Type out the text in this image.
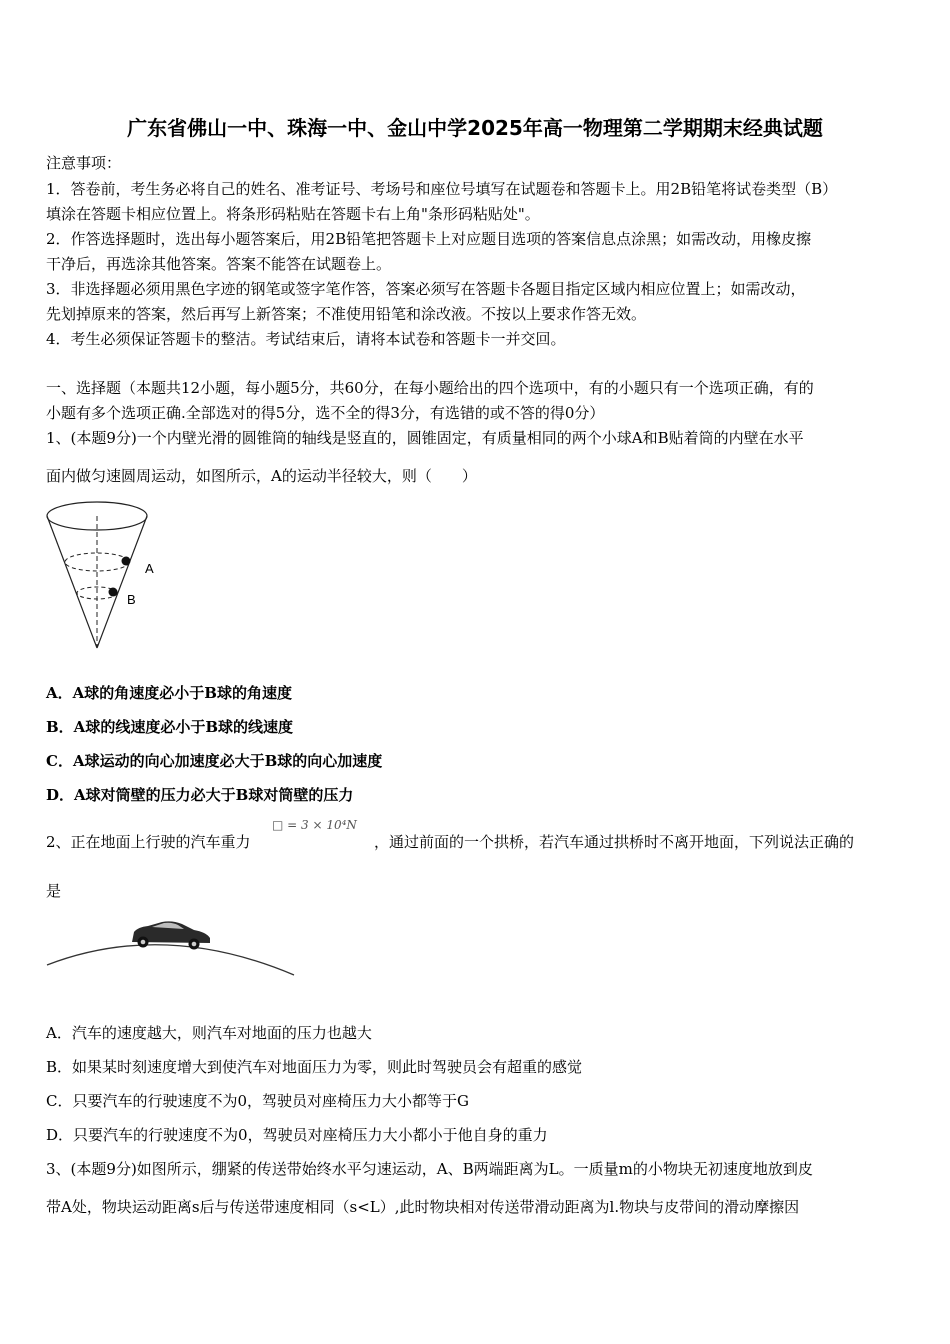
广东省佛山一中、珠海一中、金山中学2025年高一物理第二学期期末经典试题
注意事项：
1．答卷前，考生务必将自己的姓名、准考证号、考场号和座位号填写在试题卷和答题卡上。用2B铅笔将试卷类型（B）
填涂在答题卡相应位置上。将条形码粘贴在答题卡右上角"条形码粘贴处"。
2．作答选择题时，选出每小题答案后，用2B铅笔把答题卡上对应题目选项的答案信息点涂黑；如需改动，用橡皮擦
干净后，再选涂其他答案。答案不能答在试题卷上。
3．非选择题必须用黑色字迹的钢笔或签字笔作答，答案必须写在答题卡各题目指定区域内相应位置上；如需改动，
先划掉原来的答案，然后再写上新答案；不准使用铅笔和涂改液。不按以上要求作答无效。
4．考生必须保证答题卡的整洁。考试结束后，请将本试卷和答题卡一并交回。
一、选择题（本题共12小题，每小题5分，共60分，在每小题给出的四个选项中，有的小题只有一个选项正确，有的
小题有多个选项正确.全部选对的得5分，选不全的得3分，有选错的或不答的得0分）
1、(本题9分)一个内壁光滑的圆锥筒的轴线是竖直的，圆锥固定，有质量相同的两个小球A和B贴着筒的内壁在水平
面内做匀速圆周运动，如图所示，A的运动半径较大，则（　　）
A
B
A．A球的角速度必小于B球的角速度
B．A球的线速度必小于B球的线速度
C．A球运动的向心加速度必大于B球的向心加速度
D．A球对筒壁的压力必大于B球对筒壁的压力
2、正在地面上行驶的汽车重力
□ = 3 × 10⁴N
，通过前面的一个拱桥，若汽车通过拱桥时不离开地面，下列说法正确的
是
A．汽车的速度越大，则汽车对地面的压力也越大
B．如果某时刻速度增大到使汽车对地面压力为零，则此时驾驶员会有超重的感觉
C．只要汽车的行驶速度不为0，驾驶员对座椅压力大小都等于G
D．只要汽车的行驶速度不为0，驾驶员对座椅压力大小都小于他自身的重力
3、(本题9分)如图所示，绷紧的传送带始终水平匀速运动，A、B两端距离为L。一质量m的小物块无初速度地放到皮
带A处，物块运动距离s后与传送带速度相同（s<L）,此时物块相对传送带滑动距离为l.物块与皮带间的滑动摩擦因
